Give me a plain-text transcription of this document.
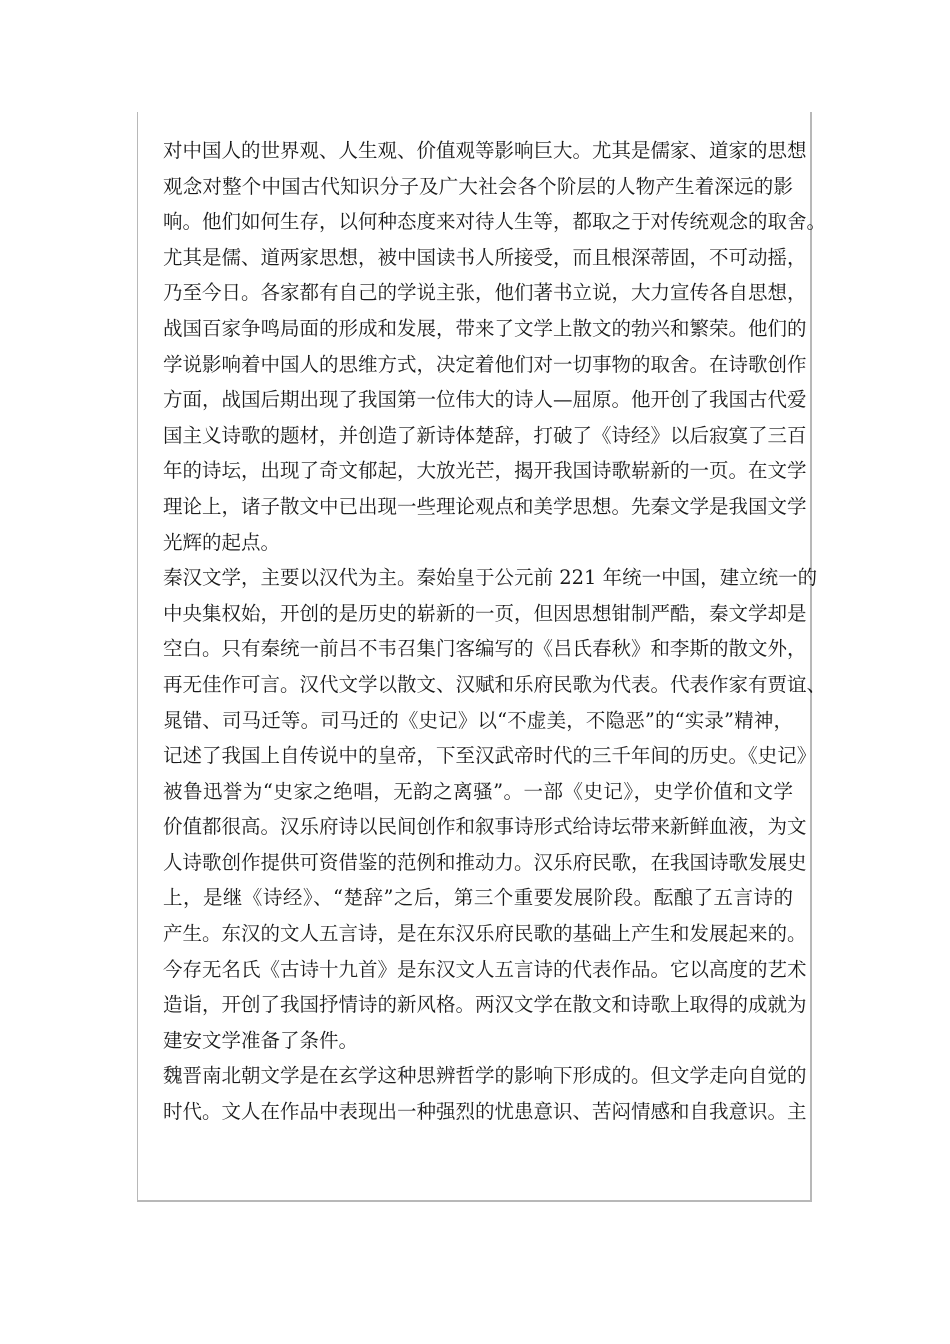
对中国人的世界观、人生观、价值观等影响巨大。尤其是儒家、道家的思想
观念对整个中国古代知识分子及广大社会各个阶层的人物产生着深远的影
响。他们如何生存，以何种态度来对待人生等，都取之于对传统观念的取舍。
尤其是儒、道两家思想，被中国读书人所接受，而且根深蒂固，不可动摇，
乃至今日。各家都有自己的学说主张，他们著书立说，大力宣传各自思想，
战国百家争鸣局面的形成和发展，带来了文学上散文的勃兴和繁荣。他们的
学说影响着中国人的思维方式，决定着他们对一切事物的取舍。在诗歌创作
方面，战国后期出现了我国第一位伟大的诗人—屈原。他开创了我国古代爱
国主义诗歌的题材，并创造了新诗体楚辞，打破了《诗经》以后寂寞了三百
年的诗坛，出现了奇文郁起，大放光芒，揭开我国诗歌崭新的一页。在文学
理论上，诸子散文中已出现一些理论观点和美学思想。先秦文学是我国文学
光辉的起点。
秦汉文学，主要以汉代为主。秦始皇于公元前 221 年统一中国，建立统一的
中央集权始，开创的是历史的崭新的一页，但因思想钳制严酷，秦文学却是
空白。只有秦统一前吕不韦召集门客编写的《吕氏春秋》和李斯的散文外，
再无佳作可言。汉代文学以散文、汉赋和乐府民歌为代表。代表作家有贾谊、
晁错、司马迁等。司马迁的《史记》以“不虚美，不隐恶”的“实录”精神，
记述了我国上自传说中的皇帝，下至汉武帝时代的三千年间的历史。《史记》
被鲁迅誉为“史家之绝唱，无韵之离骚”。一部《史记》，史学价值和文学
价值都很高。汉乐府诗以民间创作和叙事诗形式给诗坛带来新鲜血液，为文
人诗歌创作提供可资借鉴的范例和推动力。汉乐府民歌，在我国诗歌发展史
上，是继《诗经》、“楚辞”之后，第三个重要发展阶段。酝酿了五言诗的
产生。东汉的文人五言诗，是在东汉乐府民歌的基础上产生和发展起来的。
今存无名氏《古诗十九首》是东汉文人五言诗的代表作品。它以高度的艺术
造诣，开创了我国抒情诗的新风格。两汉文学在散文和诗歌上取得的成就为
建安文学准备了条件。
魏晋南北朝文学是在玄学这种思辨哲学的影响下形成的。但文学走向自觉的
时代。文人在作品中表现出一种强烈的忧患意识、苦闷情感和自我意识。主
